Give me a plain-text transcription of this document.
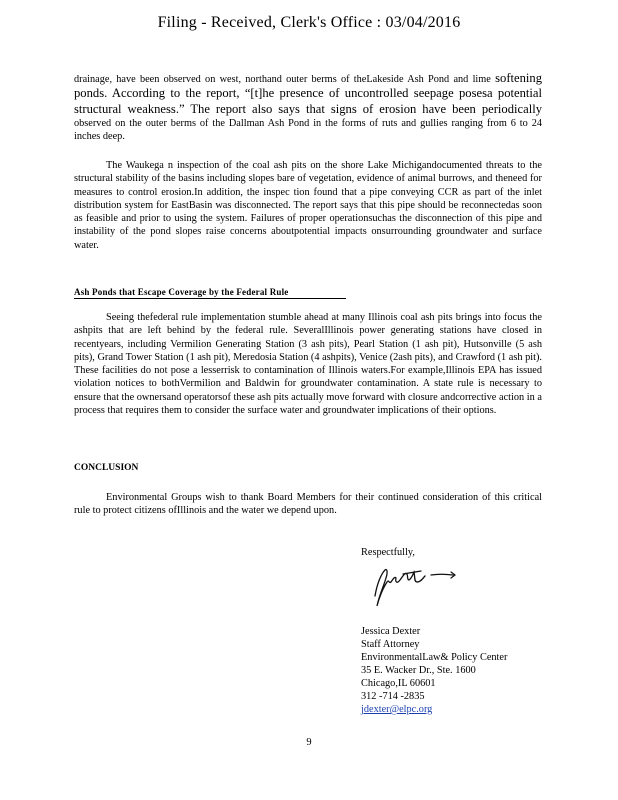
Filing - Received, Clerk's Office : 03/04/2016
drainage, have been observed on west, northand outer berms of theLakeside Ash Pond and lime softening ponds. According to the report, “[t]he presence of uncontrolled seepage posesa potential structural weakness.” The report also says that signs of erosion have been periodically observed on the outer berms of the Dallman Ash Pond in the forms of ruts and gullies ranging from 6 to 24 inches deep.
The Waukega n inspection of the coal ash pits on the shore Lake Michigandocumented threats to the structural stability of the basins including slopes bare of vegetation, evidence of animal burrows, and theneed for measures to control erosion.In addition, the inspec tion found that a pipe conveying CCR as part of the inlet distribution system for EastBasin was disconnected. The report says that this pipe should be reconnectedas soon as feasible and prior to using the system. Failures of proper operationsuchas the disconnection of this pipe and instability of the pond slopes raise concerns aboutpotential impacts onsurrounding groundwater and surface water.
Ash Ponds that Escape Coverage by the Federal Rule
Seeing thefederal rule implementation stumble ahead at many Illinois coal ash pits brings into focus the ashpits that are left behind by the federal rule. SeveralIllinois power generating stations have closed in recentyears, including Vermilion Generating Station (3 ash pits), Pearl Station (1 ash pit), Hutsonville (5 ash pits), Grand Tower Station (1 ash pit), Meredosia Station (4 ashpits), Venice (2ash pits), and Crawford (1 ash pit). These facilities do not pose a lesserrisk to contamination of Illinois waters.For example,Illinois EPA has issued violation notices to bothVermilion and Baldwin for groundwater contamination. A state rule is necessary to ensure that the ownersand operatorsof these ash pits actually move forward with closure andcorrective action in a process that requires them to consider the surface water and groundwater implications of their options.
CONCLUSION
Environmental Groups wish to thank Board Members for their continued consideration of this critical rule to protect citizens ofIllinois and the water we depend upon.
Respectfully,
Jessica Dexter
Staff Attorney
EnvironmentalLaw& Policy Center
35 E. Wacker Dr., Ste. 1600
Chicago,IL 60601
312 -714 -2835
jdexter@elpc.org
9
